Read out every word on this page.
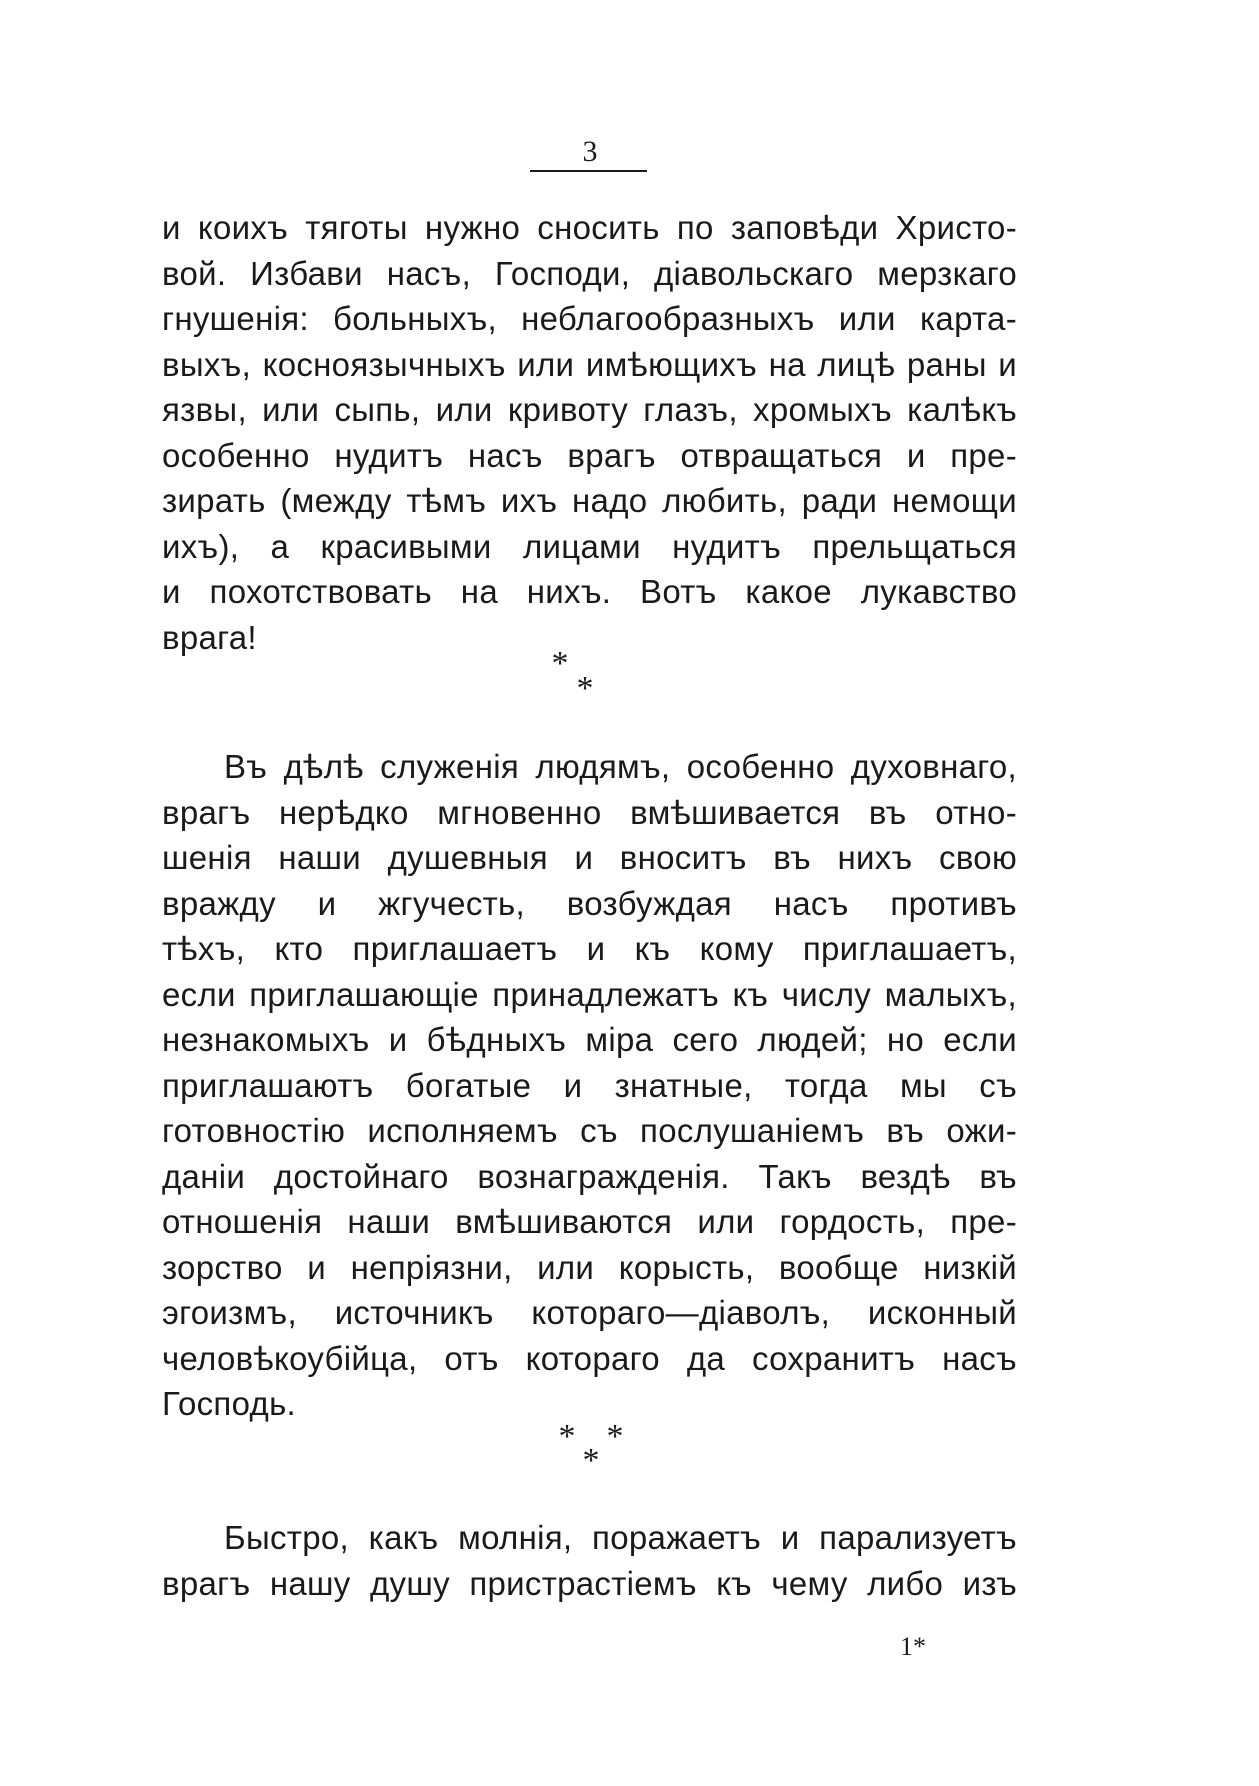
3
и коихъ тяготы нужно сносить по заповѣди Христо-
вой. Избави насъ, Господи, діавольскаго мерзкаго
гнушенія: больныхъ, неблагообразныхъ или карта-
выхъ, косноязычныхъ или имѣющихъ на лицѣ раны и
язвы, или сыпь, или кривоту глазъ, хромыхъ калѣкъ
особенно нудитъ насъ врагъ отвращаться и пре-
зирать (между тѣмъ ихъ надо любить, ради немощи
ихъ), а красивыми лицами нудитъ прельщаться
и похотствовать на нихъ. Вотъ какое лукавство
врага!
*
*
Въ дѣлѣ служенія людямъ, особенно духовнаго,
врагъ нерѣдко мгновенно вмѣшивается въ отно-
шенія наши душевныя и вноситъ въ нихъ свою
вражду и жгучесть, возбуждая насъ противъ
тѣхъ, кто приглашаетъ и къ кому приглашаетъ,
если приглашающіе принадлежатъ къ числу малыхъ,
незнакомыхъ и бѣдныхъ міра сего людей; но если
приглашаютъ богатые и знатные, тогда мы съ
готовностію исполняемъ съ послушаніемъ въ ожи-
даніи достойнаго вознагражденія. Такъ вездѣ въ
отношенія наши вмѣшиваются или гордость, пре-
зорство и непріязни, или корысть, вообще низкій
эгоизмъ, источникъ котораго—діаволъ, исконный
человѣкоубійца, отъ котораго да сохранитъ насъ
Господь.
* *
*
Быстро, какъ молнія, поражаетъ и парализуетъ
врагъ нашу душу пристрастіемъ къ чему либо изъ
1*
